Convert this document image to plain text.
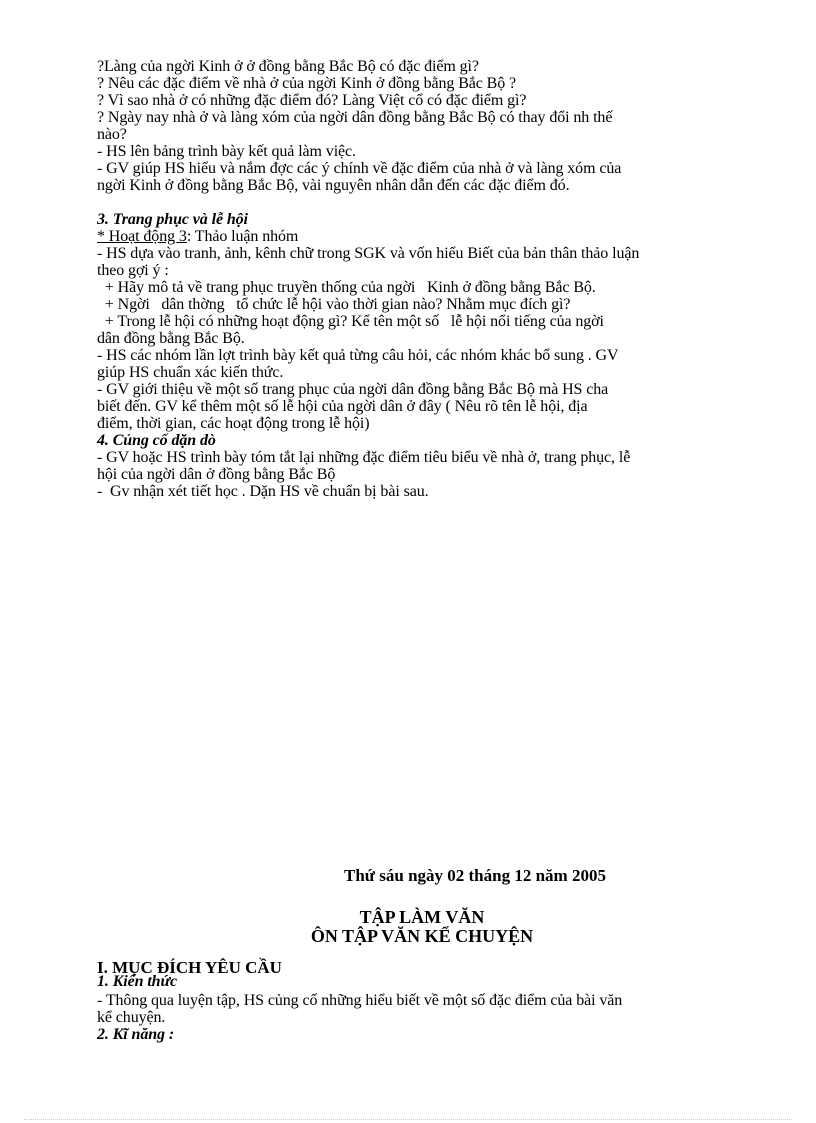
?Làng của ngời Kinh ở ở đồng bằng Bắc Bộ có đặc điểm gì?
? Nêu các đặc điểm về nhà ở của ngời Kinh ở đồng bằng Bắc Bộ ?
? Vì sao nhà ở có những đặc điểm đó? Làng Việt cổ có đặc điểm gì?
? Ngày nay nhà ở và làng xóm của ngời dân đồng bằng Bắc Bộ có thay đổi nh thế
nào?
- HS lên bảng trình bày kết quả làm việc.
- GV giúp HS hiểu và nắm đợc các ý chính về đặc điểm của nhà ở và làng xóm của
ngời Kinh ở đồng bằng Bắc Bộ, vài nguyên nhân dẫn đến các đặc điểm đó.
3. Trang phục và lễ hội
* Hoạt động 3: Thảo luận nhóm
- HS dựa vào tranh, ảnh, kênh chữ trong SGK và vốn hiểu Biết của bản thân thảo luận
theo gợi ý :
+ Hãy mô tả về trang phục truyền thống của ngời   Kinh ở đồng bằng Bắc Bộ.
+ Ngời   dân thờng   tổ chức lễ hội vào thời gian nào? Nhằm mục đích gì?
+ Trong lễ hội có những hoạt động gì? Kể tên một số   lễ hội nổi tiếng của ngời
dân đồng bằng Bắc Bộ.
- HS các nhóm lần lợt trình bày kết quả từng câu hỏi, các nhóm khác bổ sung . GV
giúp HS chuẩn xác kiến thức.
- GV giới thiệu về một số trang phục của ngời dân đồng bằng Bắc Bộ mà HS cha
biết đến. GV kể thêm một số lễ hội của ngời dân ở đây ( Nêu rõ tên lễ hội, địa
điểm, thời gian, các hoạt động trong lễ hội)
4. Củng cố dặn dò
- GV hoặc HS trình bày tóm tắt lại những đặc điểm tiêu biểu về nhà ở, trang phục, lễ
hội của ngời dân ở đồng bằng Bắc Bộ
-  Gv nhận xét tiết học . Dặn HS về chuẩn bị bài sau.
Thứ sáu ngày 02 tháng 12 năm 2005
TẬP LÀM VĂN
ÔN TẬP VĂN KỂ CHUYỆN
I. MỤC ĐÍCH YÊU CẦU
1. Kiến thức
- Thông qua luyện tập, HS củng cố những hiểu biết về một số đặc điểm của bài văn
kể chuyện.
2. Kĩ năng :
